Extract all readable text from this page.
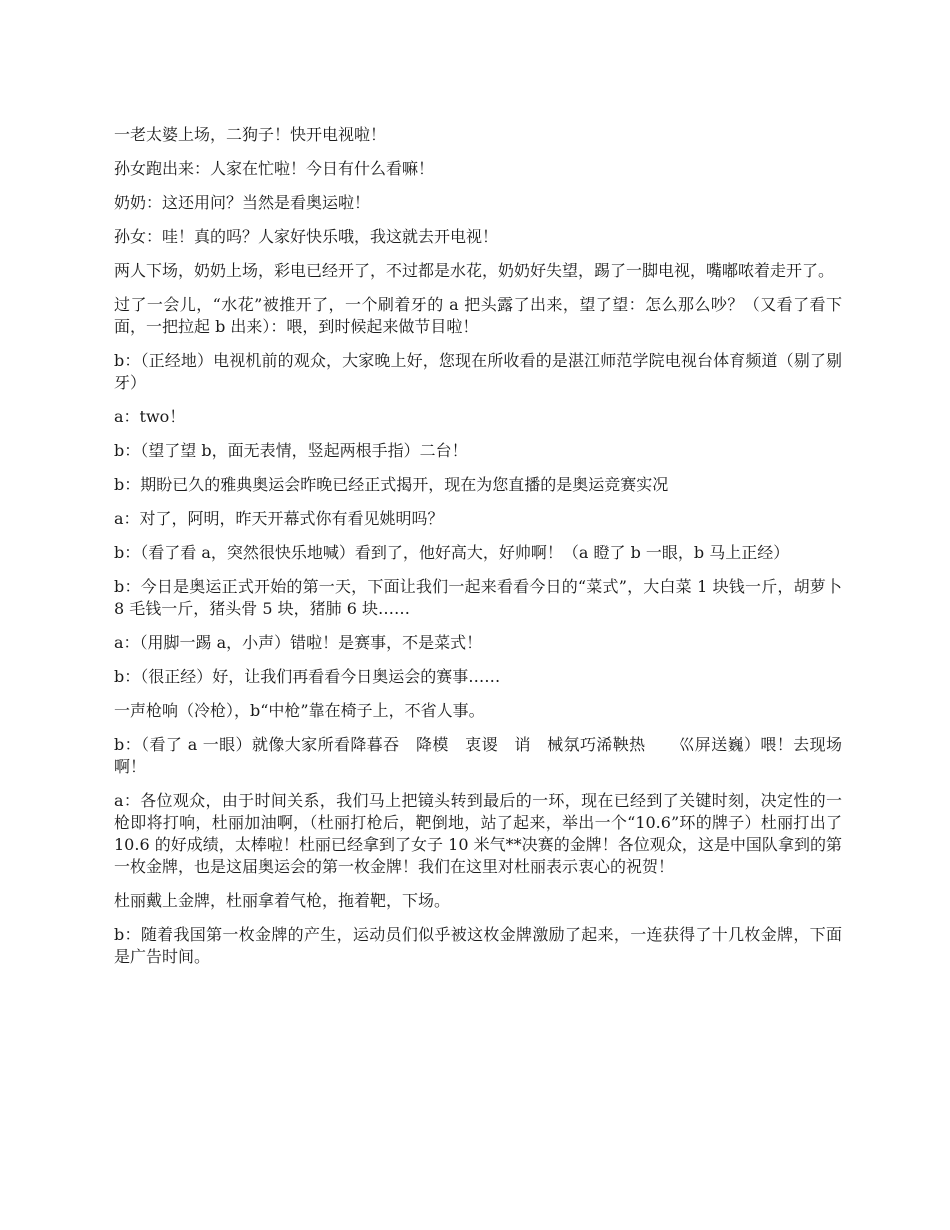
一老太婆上场，二狗子！快开电视啦！

孙女跑出来：人家在忙啦！今日有什么看嘛！

奶奶：这还用问？当然是看奥运啦！

孙女：哇！真的吗？人家好快乐哦，我这就去开电视！

两人下场，奶奶上场，彩电已经开了，不过都是水花，奶奶好失望，踢了一脚电视，嘴嘟哝着走开了。

过了一会儿，“水花”被推开了，一个刷着牙的 a 把头露了出来，望了望：怎么那么吵？（又看了看下面，一把拉起 b 出来）：喂，到时候起来做节目啦！

b：（正经地）电视机前的观众，大家晚上好，您现在所收看的是湛江师范学院电视台体育频道（剔了剔牙）

a：two！

b：（望了望 b，面无表情，竖起两根手指）二台！

b：期盼已久的雅典奥运会昨晚已经正式揭开，现在为您直播的是奥运竞赛实况

a：对了，阿明，昨天开幕式你有看见姚明吗？

b：（看了看 a，突然很快乐地喊）看到了，他好高大，好帅啊！（a 瞪了 b 一眼，b 马上正经）

b：今日是奥运正式开始的第一天，下面让我们一起来看看今日的“菜式”，大白菜 1 块钱一斤，胡萝卜 8 毛钱一斤，猪头骨 5 块，猪肺 6 块……

a：（用脚一踢 a，小声）错啦！是赛事，不是菜式！

b：（很正经）好，让我们再看看今日奥运会的赛事……

一声枪响（冷枪），b“中枪”靠在椅子上，不省人事。

b：（看了 a 一眼）就像大家所看降暮吞　降模　衷谡　诮　械氛巧浠鞅热　　巛屏送巍）喂！去现场啊！

a：各位观众，由于时间关系，我们马上把镜头转到最后的一环，现在已经到了关键时刻，决定性的一枪即将打响，杜丽加油啊，（杜丽打枪后，靶倒地，站了起来，举出一个“10.6”环的牌子）杜丽打出了 10.6 的好成绩，太棒啦！杜丽已经拿到了女子 10 米气**决赛的金牌！各位观众，这是中国队拿到的第一枚金牌，也是这届奥运会的第一枚金牌！我们在这里对杜丽表示衷心的祝贺！

杜丽戴上金牌，杜丽拿着气枪，拖着靶，下场。

b：随着我国第一枚金牌的产生，运动员们似乎被这枚金牌激励了起来，一连获得了十几枚金牌，下面是广告时间。
